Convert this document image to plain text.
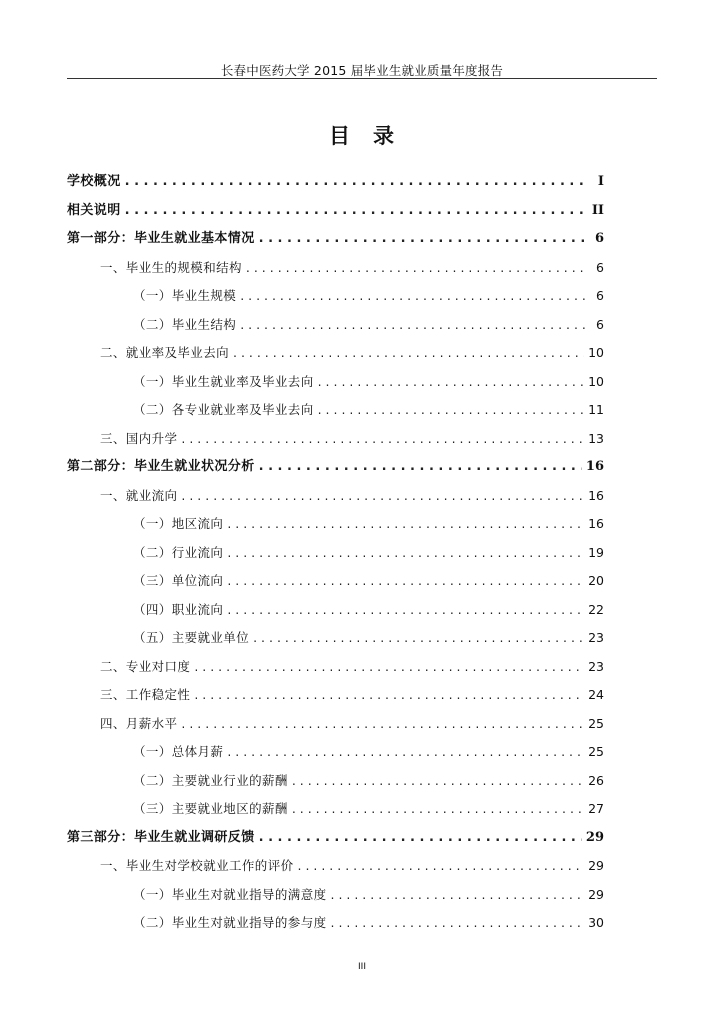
长春中医药大学 2015 届毕业生就业质量年度报告
目 录
学校概况 . . .	I
相关说明 . . .	II
第一部分：毕业生就业基本情况 . . .	6
一、毕业生的规模和结构 . . .	6
（一）毕业生规模 . . .	6
（二）毕业生结构 . . .	6
二、就业率及毕业去向 . . .	10
（一）毕业生就业率及毕业去向 . . .	10
（二）各专业就业率及毕业去向 . . .	11
三、国内升学 . . .	13
第二部分：毕业生就业状况分析 . . .	16
一、就业流向 . . .	16
（一）地区流向 . . .	16
（二）行业流向 . . .	19
（三）单位流向 . . .	20
（四）职业流向 . . .	22
（五）主要就业单位 . . .	23
二、专业对口度 . . .	23
三、工作稳定性 . . .	24
四、月薪水平 . . .	25
（一）总体月薪 . . .	25
（二）主要就业行业的薪酬 . . .	26
（三）主要就业地区的薪酬 . . .	27
第三部分：毕业生就业调研反馈 . . .	29
一、毕业生对学校就业工作的评价 . . .	29
（一）毕业生对就业指导的满意度 . . .	29
（二）毕业生对就业指导的参与度 . . .	30
III
